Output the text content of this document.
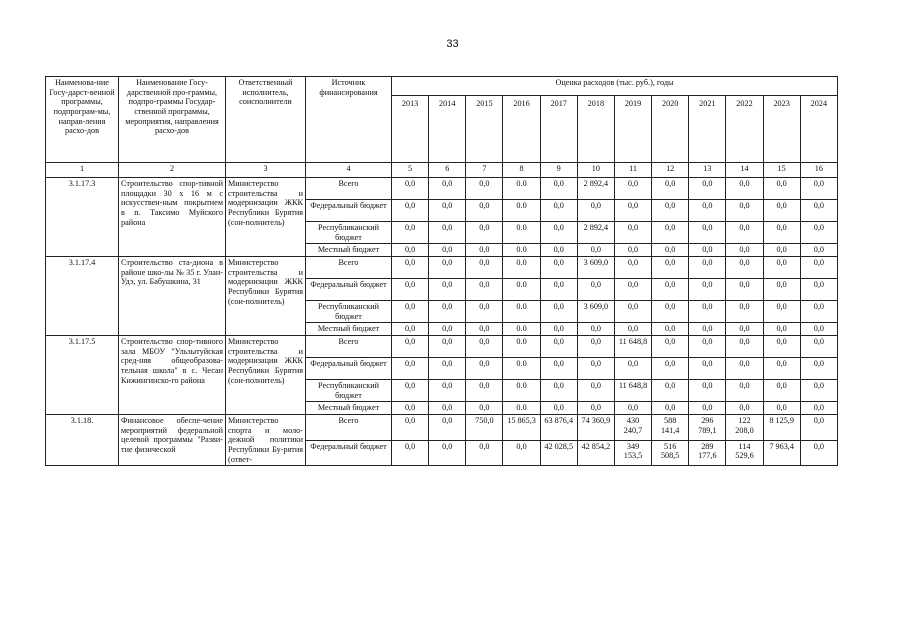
33
Наименова-ние Госу-дарст-венной программы, подпрограм-мы, направ-ления расхо-дов	Наименование Госу-дарственной про-граммы, подпро-граммы Государ-ственной программы, мероприятия, направления расхо-дов	Ответственный исполнитель, соисполнители	Источник финансирования	Оценка расходов (тыс. руб.), годы											
				2013	2014	2015	2016	2017	2018	2019	2020	2021	2022	2023	2024
1	2	3	4	5	6	7	8	9	10	11	12	13	14	15	16
3.1.17.3	Строительство спор-тивной площадки 30 х 16 м с искусствен-ным покрытием в п. Таксимо Муйского района	Министерство строительства и модернизации ЖКК Республики Бурятия (сои-полнитель)	Всего	0,0	0,0	0,0	0.0	0,0	2 892,4	0,0	0,0	0,0	0,0	0,0	0,0
			Федеральный бюджет	0,0	0,0	0,0	0.0	0,0	0,0	0,0	0,0	0,0	0,0	0,0	0,0
			Республиканский бюджет	0,0	0,0	0,0	0.0	0,0	2 892,4	0,0	0,0	0,0	0,0	0,0	0,0
			Местный бюджет	0,0	0,0	0,0	0.0	0,0	0,0	0,0	0,0	0,0	0,0	0,0	0,0
3.1.17.4	Строительство ста-диона в районе шко-лы № 35 г. Улан-Удэ, ул. Бабушкина, 31	Министерство строительства и модернизации ЖКК Республики Бурятия (сои-полнитель)	Всего	0,0	0,0	0,0	0.0	0,0	3 609,0	0,0	0,0	0,0	0,0	0,0	0,0
			Федеральный бюджет	0,0	0,0	0,0	0.0	0,0	0,0	0,0	0,0	0,0	0,0	0,0	0,0
			Республиканский бюджет	0,0	0,0	0,0	0.0	0,0	3 609,0	0,0	0,0	0,0	0,0	0,0	0,0
			Местный бюджет	0,0	0,0	0,0	0.0	0,0	0,0	0,0	0,0	0,0	0,0	0,0	0,0
3.1.17.5	Строительство спор-тивного зала МБОУ "Ульзытуйская сред-няя общеобразова-тельная школа" в с. Чесан Кижингинско-го района	Министерство строительства и модернизации ЖКК Республики Бурятия (сои-полнитель)	Всего	0,0	0,0	0,0	0.0	0,0	0,0	11 648,8	0,0	0,0	0,0	0,0	0,0
			Федеральный бюджет	0,0	0,0	0,0	0.0	0,0	0,0	0,0	0,0	0,0	0,0	0,0	0,0
			Республиканский бюджет	0,0	0,0	0,0	0.0	0,0	0,0	11 648,8	0,0	0,0	0,0	0,0	0,0
			Местный бюджет	0,0	0,0	0,0	0.0	0,0	0,0	0,0	0,0	0,0	0,0	0,0	0,0
3.1.18.	Финансовое обеспе-чение мероприятий федеральной целевой программы "Разви-тие физической	Министерство спорта и моло-дежной политики Республики Бу-рятия (ответ-	Всего	0,0	0,0	750,0	15 865,3	63 876,4	74 360,9	430 240,7	588 141,4	296 789,1	122 208,0	8 125,9	0,0
			Федеральный бюджет	0,0	0,0	0,0	0,0	42 028,5	42 854,2	349 153,5	516 508,5	289 177,6	114 529,6	7 963,4	0,0
